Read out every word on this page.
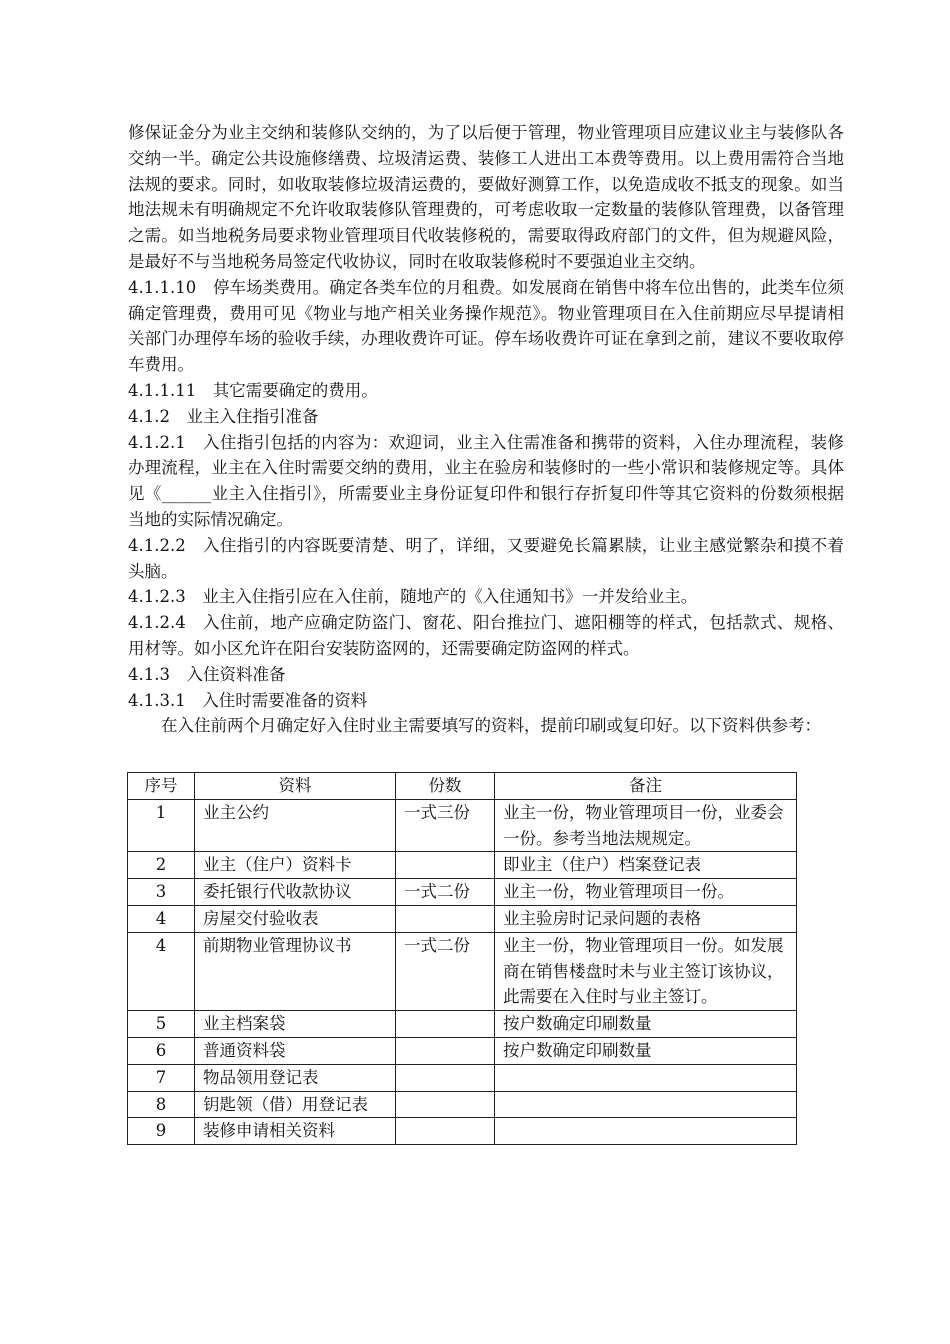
修保证金分为业主交纳和装修队交纳的，为了以后便于管理，物业管理项目应建议业主与装修队各交纳一半。确定公共设施修缮费、垃圾清运费、装修工人进出工本费等费用。以上费用需符合当地法规的要求。同时，如收取装修垃圾清运费的，要做好测算工作，以免造成收不抵支的现象。如当地法规未有明确规定不允许收取装修队管理费的，可考虑收取一定数量的装修队管理费，以备管理之需。如当地税务局要求物业管理项目代收装修税的，需要取得政府部门的文件，但为规避风险，是最好不与当地税务局签定代收协议，同时在收取装修税时不要强迫业主交纳。

4.1.1.10　停车场类费用。确定各类车位的月租费。如发展商在销售中将车位出售的，此类车位须确定管理费，费用可见《物业与地产相关业务操作规范》。物业管理项目在入住前期应尽早提请相关部门办理停车场的验收手续，办理收费许可证。停车场收费许可证在拿到之前，建议不要收取停车费用。

4.1.1.11　其它需要确定的费用。

4.1.2　业主入住指引准备

4.1.2.1　入住指引包括的内容为：欢迎词，业主入住需准备和携带的资料，入住办理流程，装修办理流程，业主在入住时需要交纳的费用，业主在验房和装修时的一些小常识和装修规定等。具体见《______业主入住指引》，所需要业主身份证复印件和银行存折复印件等其它资料的份数须根据当地的实际情况确定。

4.1.2.2　入住指引的内容既要清楚、明了，详细，又要避免长篇累牍，让业主感觉繁杂和摸不着头脑。

4.1.2.3　业主入住指引应在入住前，随地产的《入住通知书》一并发给业主。

4.1.2.4　入住前，地产应确定防盗门、窗花、阳台推拉门、遮阳棚等的样式，包括款式、规格、用材等。如小区允许在阳台安装防盗网的，还需要确定防盗网的样式。

4.1.3　入住资料准备

4.1.3.1　入住时需要准备的资料

在入住前两个月确定好入住时业主需要填写的资料，提前印刷或复印好。以下资料供参考：

序号	资料	份数	备注
1	业主公约	一式三份	业主一份，物业管理项目一份，业委会一份。参考当地法规规定。
2	业主（住户）资料卡		即业主（住户）档案登记表
3	委托银行代收款协议	一式二份	业主一份，物业管理项目一份。
4	房屋交付验收表		业主验房时记录问题的表格
4	前期物业管理协议书	一式二份	业主一份，物业管理项目一份。如发展商在销售楼盘时未与业主签订该协议，此需要在入住时与业主签订。
5	业主档案袋		按户数确定印刷数量
6	普通资料袋		按户数确定印刷数量
7	物品领用登记表		
8	钥匙领（借）用登记表		
9	装修申请相关资料		
